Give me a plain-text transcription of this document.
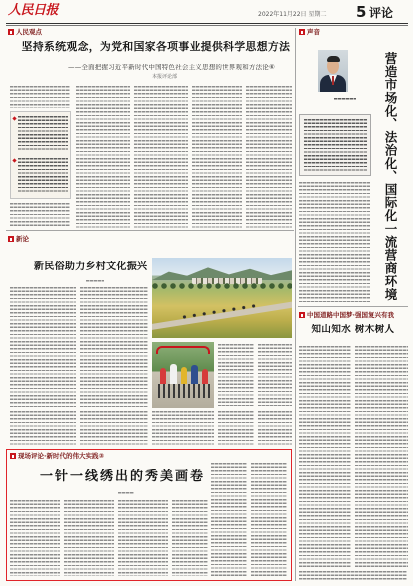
人民日报	2022年11月22日 星期二 5 评论
人民观点
坚持系统观念，为党和国家各项事业提供科学思想方法
——全面把握习近平新时代中国特色社会主义思想的世界观和方法论⑥
本报评论部
声音
营造市场化、法治化、国际化一流营商环境
中国道路中国梦·强国复兴有我
知山知水 树木树人
新论
新民俗助力乡村文化振兴
现场评论·新时代的伟大实践③
一针一线绣出的秀美画卷
